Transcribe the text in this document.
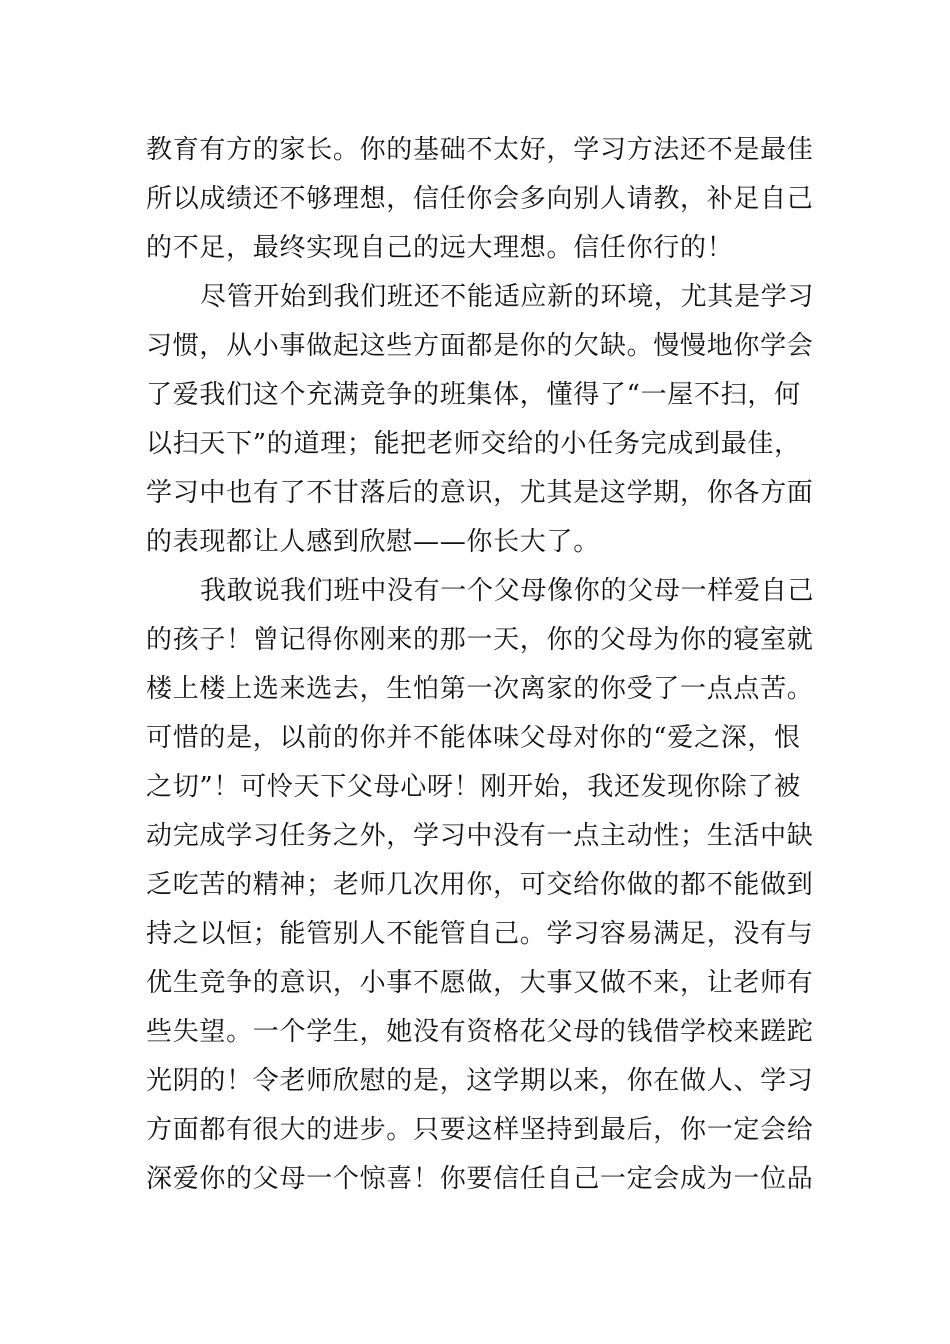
教育有方的家长。你的基础不太好，学习方法还不是最佳
所以成绩还不够理想，信任你会多向别人请教，补足自己
的不足，最终实现自己的远大理想。信任你行的！
尽管开始到我们班还不能适应新的环境，尤其是学习
习惯，从小事做起这些方面都是你的欠缺。慢慢地你学会
了爱我们这个充满竞争的班集体，懂得了“一屋不扫，何
以扫天下”的道理；能把老师交给的小任务完成到最佳，
学习中也有了不甘落后的意识，尤其是这学期，你各方面
的表现都让人感到欣慰——你长大了。
我敢说我们班中没有一个父母像你的父母一样爱自己
的孩子！曾记得你刚来的那一天，你的父母为你的寝室就
楼上楼上选来选去，生怕第一次离家的你受了一点点苦。
可惜的是，以前的你并不能体味父母对你的“爱之深，恨
之切”！可怜天下父母心呀！刚开始，我还发现你除了被
动完成学习任务之外，学习中没有一点主动性；生活中缺
乏吃苦的精神；老师几次用你，可交给你做的都不能做到
持之以恒；能管别人不能管自己。学习容易满足，没有与
优生竞争的意识，小事不愿做，大事又做不来，让老师有
些失望。一个学生，她没有资格花父母的钱借学校来蹉跎
光阴的！令老师欣慰的是，这学期以来，你在做人、学习
方面都有很大的进步。只要这样坚持到最后，你一定会给
深爱你的父母一个惊喜！你要信任自己一定会成为一位品
